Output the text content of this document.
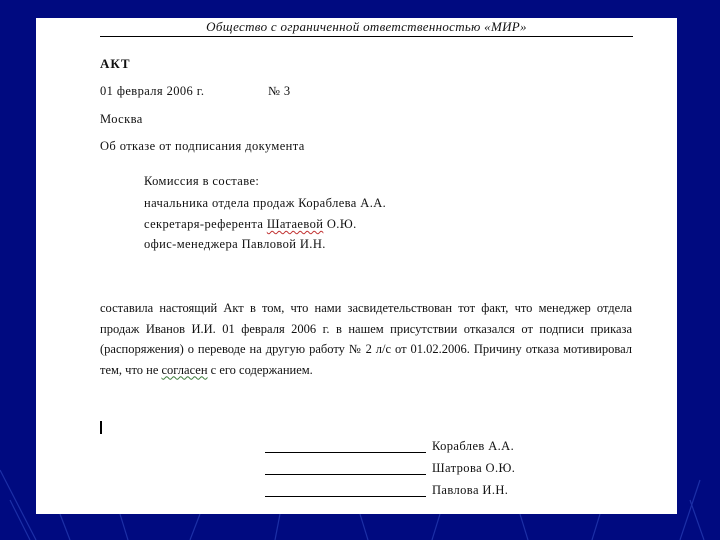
Общество с ограниченной ответственностью «МИР»
АКТ
01 февраля 2006 г.	№ 3
Москва
Об отказе от подписания документа
Комиссия в составе:
начальника отдела продаж Кораблева А.А.
секретаря-референта Шатаевой О.Ю.
офис-менеджера Павловой И.Н.
составила настоящий Акт в том, что нами засвидетельствован тот факт, что менеджер отдела продаж Иванов И.И. 01 февраля 2006 г. в нашем присутствии отказался от подписи приказа (распоряжения) о переводе на другую работу № 2 л/с от 01.02.2006. Причину отказа мотивировал тем, что не согласен с его содержанием.
Кораблев А.А.
Шатрова О.Ю.
Павлова И.Н.
